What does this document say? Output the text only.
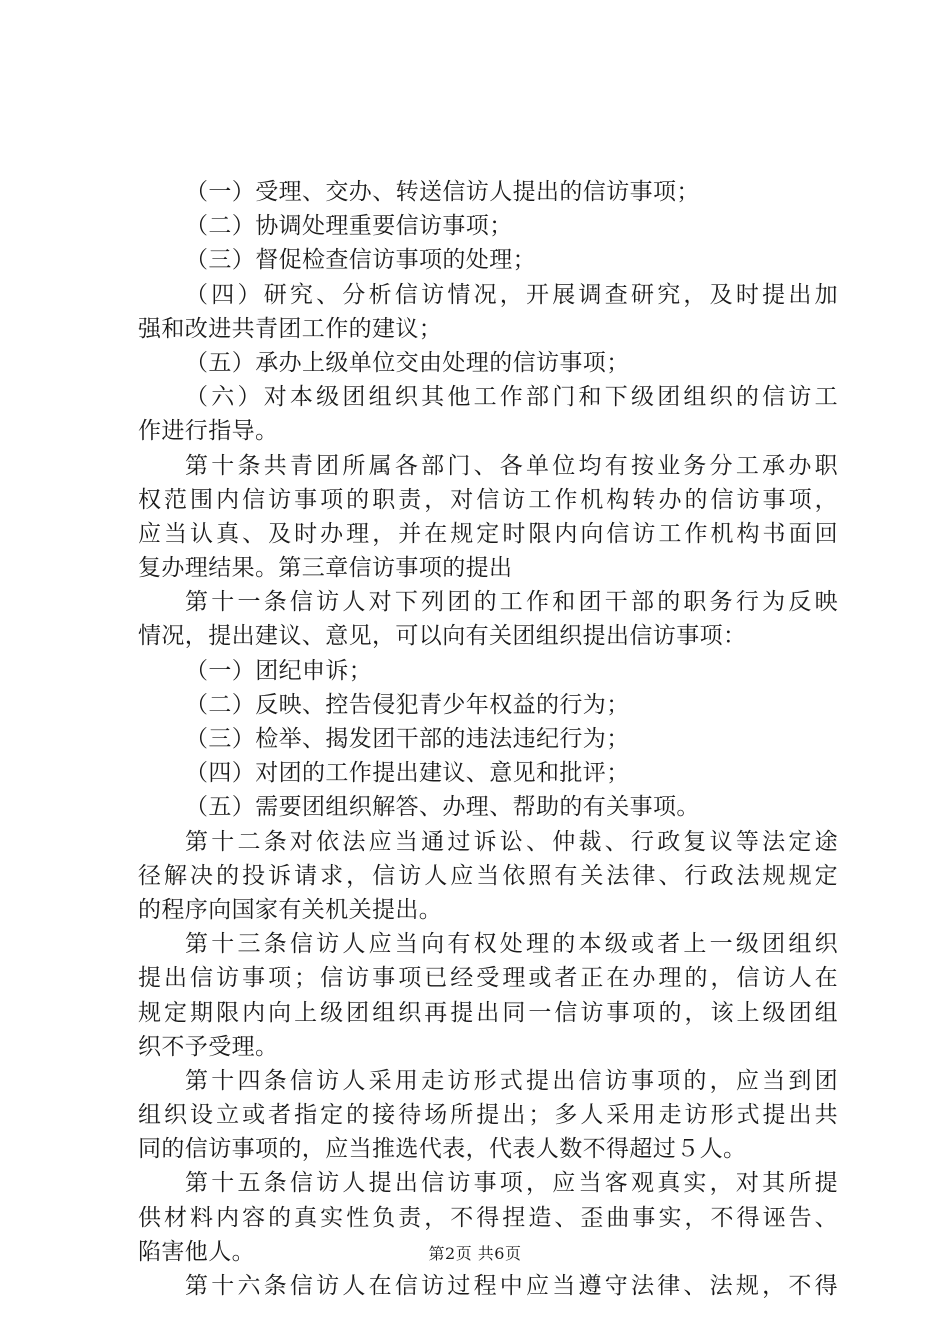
（一）受理、交办、转送信访人提出的信访事项；
（二）协调处理重要信访事项；
（三）督促检查信访事项的处理；
（四）研究、分析信访情况，开展调查研究，及时提出加
强和改进共青团工作的建议；
（五）承办上级单位交由处理的信访事项；
（六）对本级团组织其他工作部门和下级团组织的信访工
作进行指导。
第十条共青团所属各部门、各单位均有按业务分工承办职
权范围内信访事项的职责，对信访工作机构转办的信访事项，
应当认真、及时办理，并在规定时限内向信访工作机构书面回
复办理结果。第三章信访事项的提出
第十一条信访人对下列团的工作和团干部的职务行为反映
情况，提出建议、意见，可以向有关团组织提出信访事项：
（一）团纪申诉；
（二）反映、控告侵犯青少年权益的行为；
（三）检举、揭发团干部的违法违纪行为；
（四）对团的工作提出建议、意见和批评；
（五）需要团组织解答、办理、帮助的有关事项。
第十二条对依法应当通过诉讼、仲裁、行政复议等法定途
径解决的投诉请求，信访人应当依照有关法律、行政法规规定
的程序向国家有关机关提出。
第十三条信访人应当向有权处理的本级或者上一级团组织
提出信访事项；信访事项已经受理或者正在办理的，信访人在
规定期限内向上级团组织再提出同一信访事项的，该上级团组
织不予受理。
第十四条信访人采用走访形式提出信访事项的，应当到团
组织设立或者指定的接待场所提出；多人采用走访形式提出共
同的信访事项的，应当推选代表，代表人数不得超过５人。
第十五条信访人提出信访事项，应当客观真实，对其所提
供材料内容的真实性负责，不得捏造、歪曲事实，不得诬告、
陷害他人。
第十六条信访人在信访过程中应当遵守法律、法规，不得
第2页 共6页
